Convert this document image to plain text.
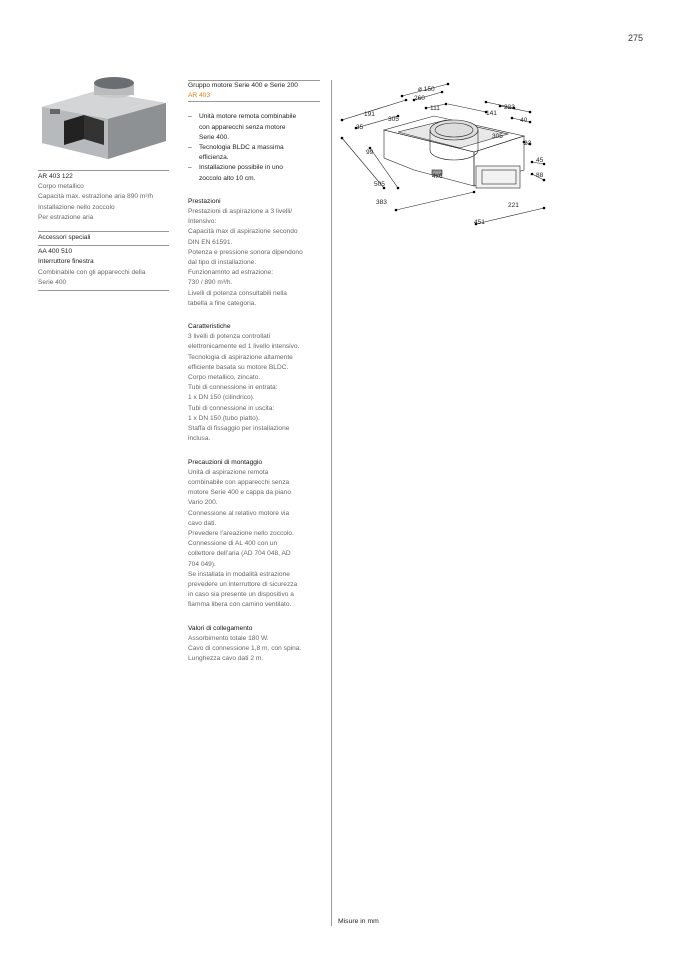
275
AR 403 122
Corpo metallico
Capacità max. estrazione aria 890 m³/h
Installazione nello zoccolo
Per estrazione aria
Accessori speciali
AA 400 510
Interruttore finestra
Combinabile con gli apparecchi della
Serie 400
Gruppo motore Serie 400 e Serie 200
AR 403
–	Unità motore remota combinabile
con apparecchi senza motore
Serie 400.
–	Tecnologia BLDC a massima
efficienza.
–	Installazione possibile in uno
zoccolo alto 10 cm.
Prestazioni
Prestazioni di aspirazione a 3 livelli/
Intensivo:
Capacità max di aspirazione secondo
DIN EN 61591.
Potenza e pressione sonora dipendono
dal tipo di installazione.
Funzionamnto ad estrazione:
730 / 890 m³/h.
Livelli di potenza consultabili nella
tabella a fine categoria.
Caratteristiche
3 livelli di potenza controllati
elettronicamente ed 1 livello intensivo.
Tecnologia di aspirazione altamente
efficiente basata su motore BLDC.
Corpo metallico, zincato.
Tubi di connessione in entrata:
1 x DN 150 (cilindrico).
Tubi di connessione in uscita:
1 x DN 150 (tubo piatto).
Staffa di fissaggio per installazione
inclusa.
Precauzioni di montaggio
Unità di aspirazione remota
combinabile con apparecchi senza
motore Serie 400 e cappa da piano
Vario 200.
Connessione al relativo motore via
cavo dati.
Prevedere l’areazione nello zoccolo.
Connessione di AL 400 con un
collettore dell’aria (AD 704 048, AD
704 049).
Se installata in modalità estrazione
prevedere un interruttore di sicurezza
in caso sia presente un dispositivo a
fiamma libera con camino ventilato.
Valori di collegamento
Assorbimento totale 180 W.
Cavo di connessione 1,8 m, con spina.
Lunghezza cavo dati 2 m.
ø 150
260
111
191
305
141
223
40
35
305
23
99
45
88
4x6
505
383	221
451
Misure in mm
